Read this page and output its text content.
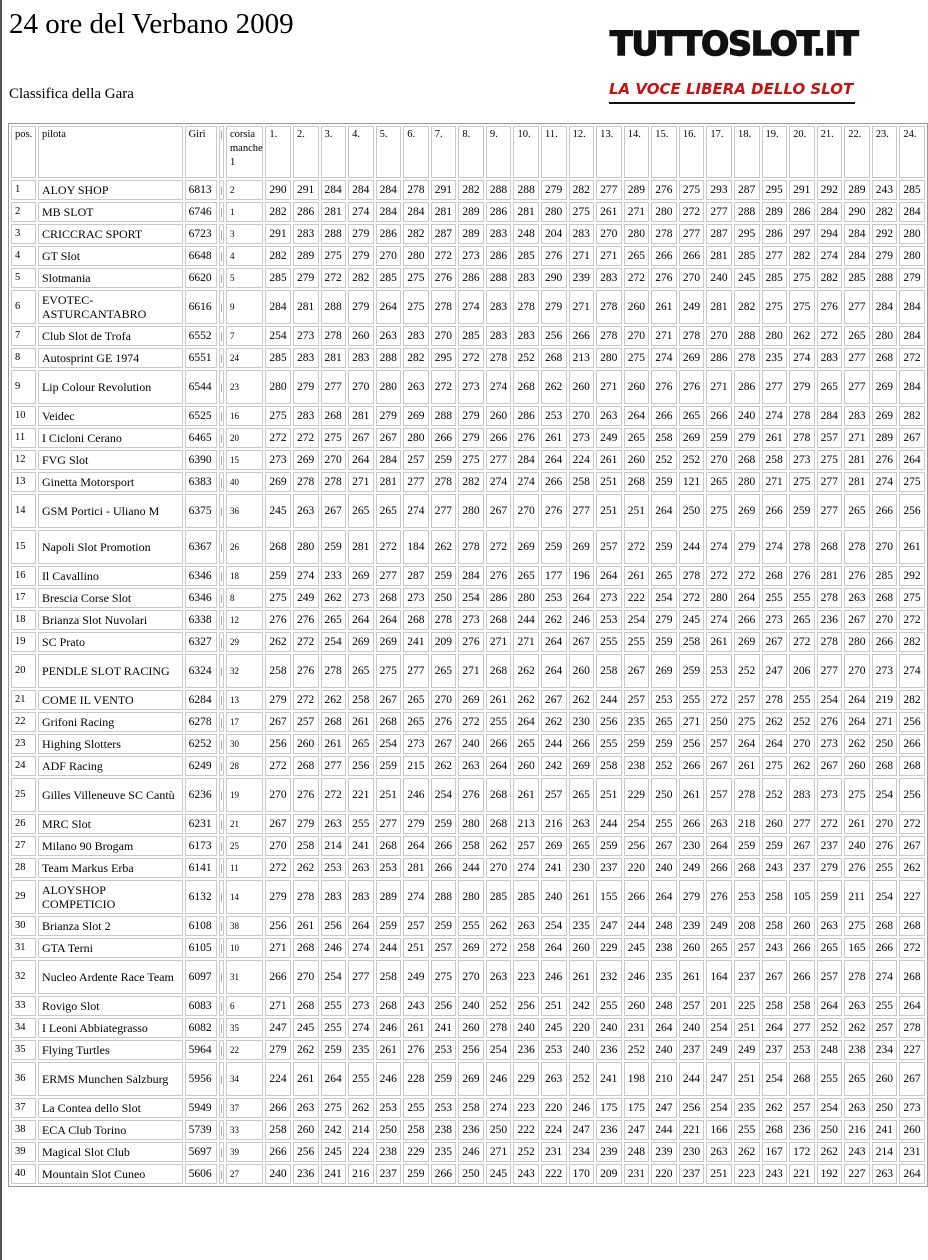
24 ore del Verbano 2009
Classifica della Gara
TUTTOSLOT.IT
LA VOCE LIBERA DELLO SLOT
pos.	pilota	Giri	|	corsia manche 1	1.	2.	3.	4.	5.	6.	7.	8.	9.	10.	11.	12.	13.	14.	15.	16.	17.	18.	19.	20.	21.	22.	23.	24.
1	ALOY SHOP	6813	|	2	290	291	284	284	284	278	291	282	288	288	279	282	277	289	276	275	293	287	295	291	292	289	243	285
2	MB SLOT	6746	|	1	282	286	281	274	284	284	281	289	286	281	280	275	261	271	280	272	277	288	289	286	284	290	282	284
3	CRICCRAC SPORT	6723	|	3	291	283	288	279	286	282	287	289	283	248	204	283	270	280	278	277	287	295	286	297	294	284	292	280
4	GT Slot	6648	|	4	282	289	275	279	270	280	272	273	286	285	276	271	271	265	266	266	281	285	277	282	274	284	279	280
5	Slotmania	6620	|	5	285	279	272	282	285	275	276	286	288	283	290	239	283	272	276	270	240	245	285	275	282	285	288	279
6	EVOTEC-ASTURCANTABRO	6616	|	9	284	281	288	279	264	275	278	274	283	278	279	271	278	260	261	249	281	282	275	275	276	277	284	284
7	Club Slot de Trofa	6552	|	7	254	273	278	260	263	283	270	285	283	283	256	266	278	270	271	278	270	288	280	262	272	265	280	284
8	Autosprint GE 1974	6551	|	24	285	283	281	283	288	282	295	272	278	252	268	213	280	275	274	269	286	278	235	274	283	277	268	272
9	Lip Colour Revolution	6544	|	23	280	279	277	270	280	263	272	273	274	268	262	260	271	260	276	276	271	286	277	279	265	277	269	284
10	Veidec	6525	|	16	275	283	268	281	279	269	288	279	260	286	253	270	263	264	266	265	266	240	274	278	284	283	269	282
11	I Cicloni Cerano	6465	|	20	272	272	275	267	267	280	266	279	266	276	261	273	249	265	258	269	259	279	261	278	257	271	289	267
12	FVG Slot	6390	|	15	273	269	270	264	284	257	259	275	277	284	264	224	261	260	252	252	270	268	258	273	275	281	276	264
13	Ginetta Motorsport	6383	|	40	269	278	278	271	281	277	278	282	274	274	266	258	251	268	259	121	265	280	271	275	277	281	274	275
14	GSM Portici - Uliano M	6375	|	36	245	263	267	265	265	274	277	280	267	270	276	277	251	251	264	250	275	269	266	259	277	265	266	256
15	Napoli Slot Promotion	6367	|	26	268	280	259	281	272	184	262	278	272	269	259	269	257	272	259	244	274	279	274	278	268	278	270	261
16	Il Cavallino	6346	|	18	259	274	233	269	277	287	259	284	276	265	177	196	264	261	265	278	272	272	268	276	281	276	285	292
17	Brescia Corse Slot	6346	|	8	275	249	262	273	268	273	250	254	286	280	253	264	273	222	254	272	280	264	255	255	278	263	268	275
18	Brianza Slot Nuvolari	6338	|	12	276	276	265	264	264	268	278	273	268	244	262	246	253	254	279	245	274	266	273	265	236	267	270	272
19	SC Prato	6327	|	29	262	272	254	269	269	241	209	276	271	271	264	267	255	255	259	258	261	269	267	272	278	280	266	282
20	PENDLE SLOT RACING	6324	|	32	258	276	278	265	275	277	265	271	268	262	264	260	258	267	269	259	253	252	247	206	277	270	273	274
21	COME IL VENTO	6284	|	13	279	272	262	258	267	265	270	269	261	262	267	262	244	257	253	255	272	257	278	255	254	264	219	282
22	Grifoni Racing	6278	|	17	267	257	268	261	268	265	276	272	255	264	262	230	256	235	265	271	250	275	262	252	276	264	271	256
23	Highing Slotters	6252	|	30	256	260	261	265	254	273	267	240	266	265	244	266	255	259	259	256	257	264	264	270	273	262	250	266
24	ADF Racing	6249	|	28	272	268	277	256	259	215	262	263	264	260	242	269	258	238	252	266	267	261	275	262	267	260	268	268
25	Gilles Villeneuve SC Cantù	6236	|	19	270	276	272	221	251	246	254	276	268	261	257	265	251	229	250	261	257	278	252	283	273	275	254	256
26	MRC Slot	6231	|	21	267	279	263	255	277	279	259	280	268	213	216	263	244	254	255	266	263	218	260	277	272	261	270	272
27	Milano 90 Brogam	6173	|	25	270	258	214	241	268	264	266	258	262	257	269	265	259	256	267	230	264	259	259	267	237	240	276	267
28	Team Markus Erba	6141	|	11	272	262	253	263	253	281	266	244	270	274	241	230	237	220	240	249	266	268	243	237	279	276	255	262
29	ALOYSHOP COMPETICIO	6132	|	14	279	278	283	283	289	274	288	280	285	285	240	261	155	266	264	279	276	253	258	105	259	211	254	227
30	Brianza Slot 2	6108	|	38	256	261	256	264	259	257	259	255	262	263	254	235	247	244	248	239	249	208	258	260	263	275	268	268
31	GTA Terni	6105	|	10	271	268	246	274	244	251	257	269	272	258	264	260	229	245	238	260	265	257	243	266	265	165	266	272
32	Nucleo Ardente Race Team	6097	|	31	266	270	254	277	258	249	275	270	263	223	246	261	232	246	235	261	164	237	267	266	257	278	274	268
33	Rovigo Slot	6083	|	6	271	268	255	273	268	243	256	240	252	256	251	242	255	260	248	257	201	225	258	258	264	263	255	264
34	I Leoni Abbiategrasso	6082	|	35	247	245	255	274	246	261	241	260	278	240	245	220	240	231	264	240	254	251	264	277	252	262	257	278
35	Flying Turtles	5964	|	22	279	262	259	235	261	276	253	256	254	236	253	240	236	252	240	237	249	249	237	253	248	238	234	227
36	ERMS Munchen Salzburg	5956	|	34	224	261	264	255	246	228	259	269	246	229	263	252	241	198	210	244	247	251	254	268	255	265	260	267
37	La Contea dello Slot	5949	|	37	266	263	275	262	253	255	253	258	274	223	220	246	175	175	247	256	254	235	262	257	254	263	250	273
38	ECA Club Torino	5739	|	33	258	260	242	214	250	258	238	236	250	222	224	247	236	247	244	221	166	255	268	236	250	216	241	260
39	Magical Slot Club	5697	|	39	266	256	245	224	238	229	235	246	271	252	231	234	239	248	239	230	263	262	167	172	262	243	214	231
40	Mountain Slot Cuneo	5606	|	27	240	236	241	216	237	259	266	250	245	243	222	170	209	231	220	237	251	223	243	221	192	227	263	264
